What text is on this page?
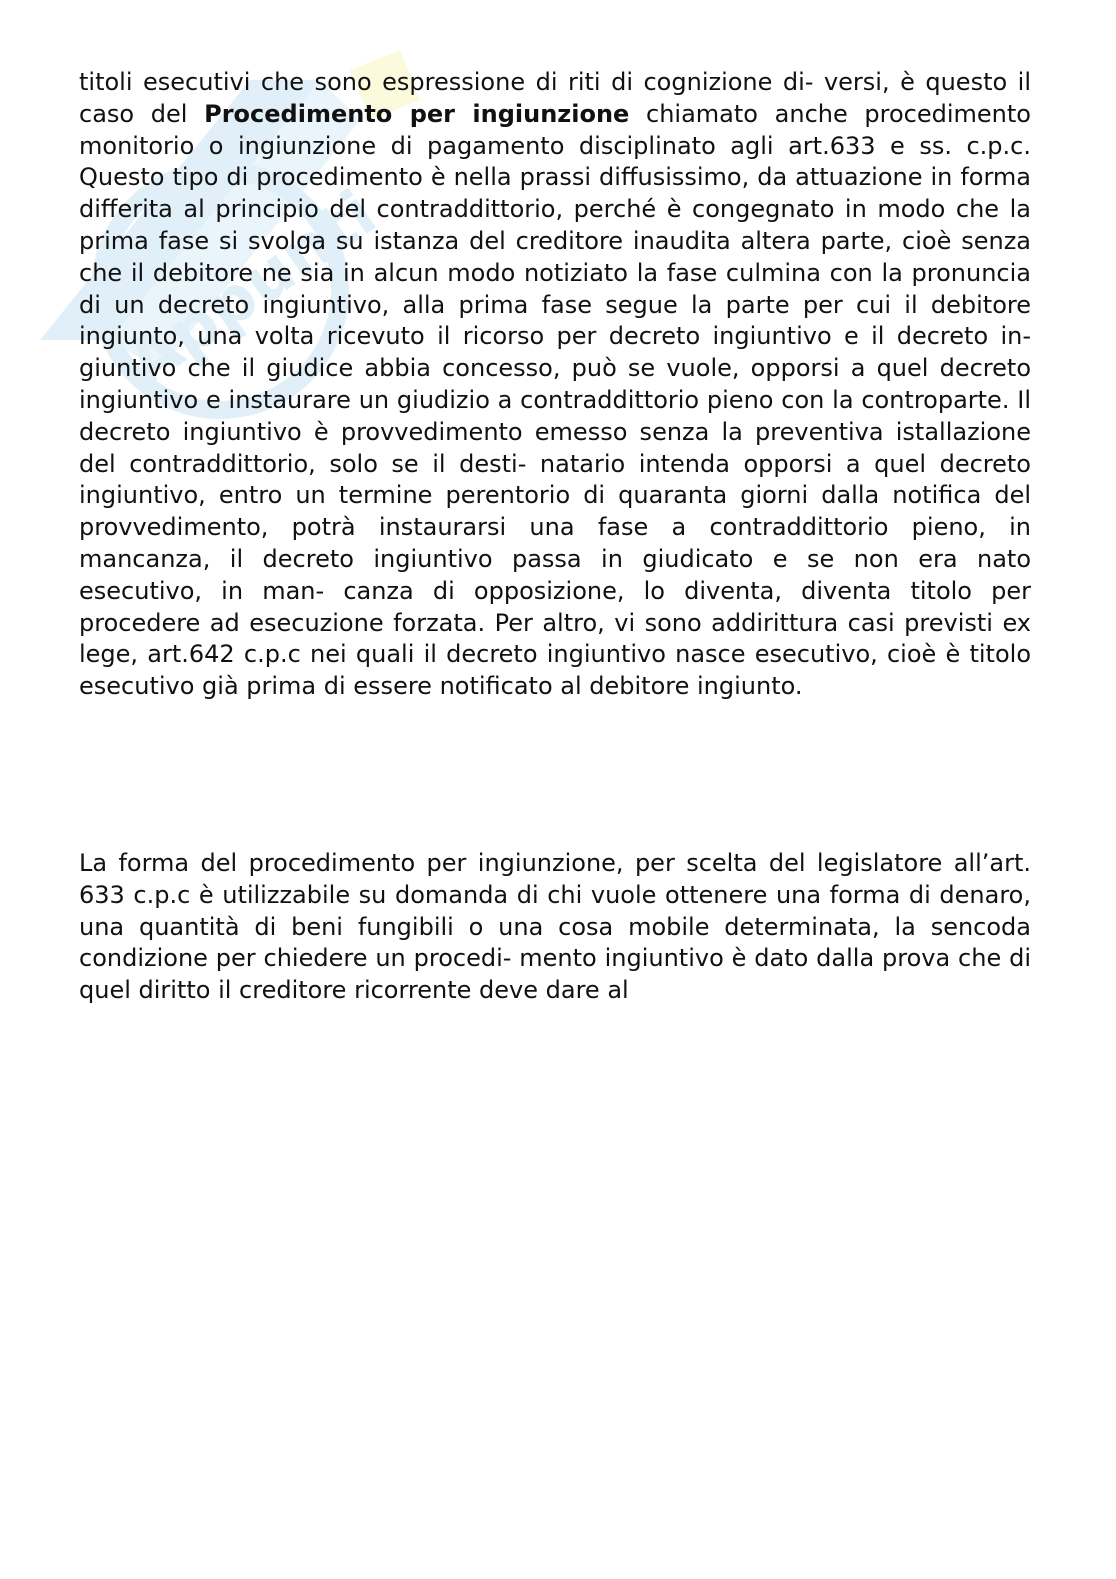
Appunti
titoli esecutivi che sono espressione di riti di cognizione di- versi, è questo il caso del Procedimento per ingiunzione chiamato anche procedimento monitorio o ingiunzione di pagamento disciplinato agli art.633 e ss. c.p.c. Questo tipo di procedimento è nella prassi diffusissimo, da attuazione in forma differita al principio del contraddittorio, perché è congegnato in modo che la prima fase si svolga su istanza del creditore inaudita altera parte, cioè senza che il debitore ne sia in alcun modo notiziato la fase culmina con la pronuncia di un decreto ingiuntivo, alla prima fase segue la parte per cui il debitore ingiunto, una volta ricevuto il ricorso per decreto ingiuntivo e il decreto in- giuntivo che il giudice abbia concesso, può se vuole, opporsi a quel decreto ingiuntivo e instaurare un giudizio a contraddittorio pieno con la controparte. Il decreto ingiuntivo è provvedimento emesso senza la preventiva istallazione del contraddittorio, solo se il desti- natario intenda opporsi a quel decreto ingiuntivo, entro un termine perentorio di quaranta giorni dalla notifica del provvedimento, potrà instaurarsi una fase a contraddittorio pieno, in mancanza, il decreto ingiuntivo passa in giudicato e se non era nato esecutivo, in man- canza di opposizione, lo diventa, diventa titolo per procedere ad esecuzione forzata. Per altro, vi sono addirittura casi previsti ex lege, art.642 c.p.c nei quali il decreto ingiuntivo nasce esecutivo, cioè è titolo esecutivo già prima di essere notificato al debitore ingiunto.
La forma del procedimento per ingiunzione, per scelta del legislatore all’art. 633 c.p.c è utilizzabile su domanda di chi vuole ottenere una forma di denaro, una quantità di beni fungibili o una cosa mobile determinata, la sencoda condizione per chiedere un procedi- mento ingiuntivo è dato dalla prova che di quel diritto il creditore ricorrente deve dare al
